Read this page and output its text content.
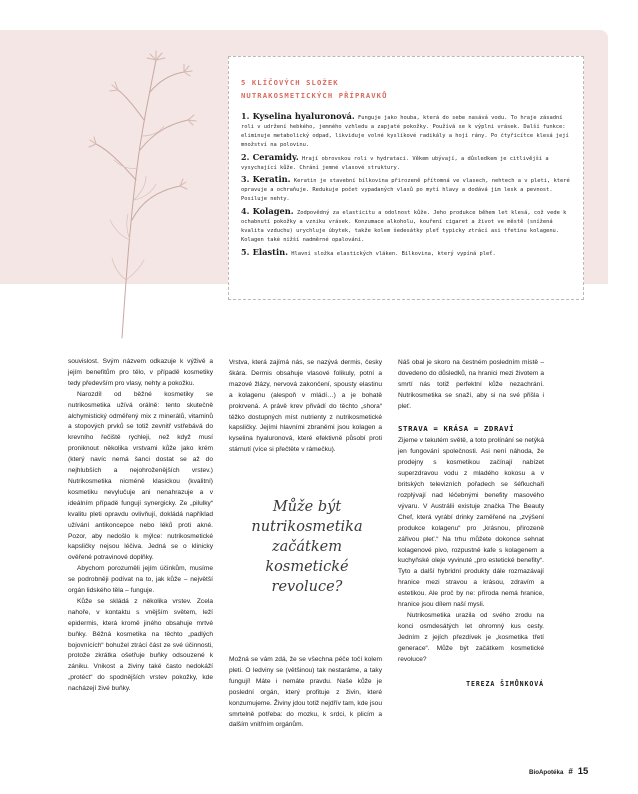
5 KLÍČOVÝCH SLOŽEK
NUTRAKOSMETICKÝCH PŘÍPRAVKŮ
1. Kyselina hyaluronová. Funguje jako houba, která do sebe nasává vodu. To hraje zásadní roli v udržení hebkého, jemného vzhledu a zapjaté pokožky. Používá se k výplni vrásek. Další funkce: eliminuje metabolický odpad, likviduje volné kyslíkové radikály a hojí rány. Po čtyřicítce klesá její množství na polovinu.
2. Ceramidy. Hrají obrovskou roli v hydrataci. Věkem ubývají, a důsledkem je citlivější a vysychající kůže. Chrání jemné vlasové struktury.
3. Keratin. Keratin je stavební bílkovina přirozeně přítomná ve vlasech, nehtech a v pleti, které opravuje a ochraňuje. Redukuje počet vypadaných vlasů po mytí hlavy a dodává jim lesk a pevnost. Posiluje nehty.
4. Kolagen. Zodpovědný za elasticitu a odolnost kůže. Jeho produkce během let klesá, což vede k ochabnutí pokožky a vzniku vrásek. Konzumace alkoholu, kouření cigaret a život ve městě (snížená kvalita vzduchu) urychluje úbytek, takže kolem šedesátky pleť typicky ztrácí asi třetinu kolagenu. Kolagen také nižší nadměrné opalování.
5. Elastin. Hlavní složka elastických vláken. Bílkovina, který vypíná pleť.

souvislost. Svým názvem odkazuje k výživě a jejím benefitům pro tělo, v případě kosmetiky tedy především pro vlasy, nehty a pokožku.

Narozdíl od běžné kosmetiky se nutrikosmetika užívá orálně: tento skutečně alchymistický odměřený mix z minerálů, vitaminů a stopových prvků se totiž zevnitř vstřebává do krevního řečiště rychleji, než když musí proniknout několika vrstvami kůže jako krém (který navíc nemá šanci dostat se až do nejhlubších a nejohroženějších vrstev.) Nutrikosmetika nicméně klasickou (kvalitní) kosmetiku nevylučuje ani nenahrazuje a v ideálním případě fungují synergicky. Ze „pilulky“ kvalitu pleti opravdu ovlivňují, dokládá například užívání antikoncepce nebo léků proti akné. Pozor, aby nedošlo k mýlce: nutrikosmetické kapsličky nejsou léčiva. Jedná se o klinicky ověřené potravinové doplňky.

Abychom porozuměli jejím účinkům, musíme se podrobněji podívat na to, jak kůže – největší orgán lidského těla – funguje.

Kůže se skládá z několika vrstev. Zcela nahoře, v kontaktu s vnějším světem, leží epidermis, která kromě jiného obsahuje mrtvé buňky. Běžná kosmetika na těchto „padlých bojovnících“ bohužel ztrácí část ze své účinnosti, protože zkrátka ošetřuje buňky odsouzené k zániku. Vnikost a živiny také často nedokáží „protéct“ do spodnějších vrstev pokožky, kde nacházejí živé buňky.

Vrstva, která zajímá nás, se nazývá dermis, česky škára. Dermis obsahuje vlasové folikuly, potní a mazové žlázy, nervová zakončení, spousty elastinu a kolagenu (alespoň v mládí…) a je bohatě prokrvená. A právě krev přivádí do těchto „shora“ těžko dostupných míst nutrienty z nutrikosmetické kapsličky. Jejími hlavními zbraněmi jsou kolagen a kyselina hyaluronová, které efektivně působí proti stárnutí (více si přečtěte v rámečku).

Může být nutrikosmetika začátkem kosmetické revoluce?

Možná se vám zdá, že se všechna péče točí kolem pleti. O ledviny se (většinou) tak nestaráme, a taky fungují! Máte i nemáte pravdu. Naše kůže je poslední orgán, který profituje z živin, které konzumujeme. Živiny jdou totiž nejdřív tam, kde jsou smrtelně potřeba: do mozku, k srdci, k plicím a dalším vnitřním orgánům.

Náš obal je skoro na čestném posledním místě – dovedeno do důsledků, na hranici mezi životem a smrtí nás totiž perfektní kůže nezachrání. Nutrikosmetika se snaží, aby si na své přišla i pleť.

STRAVA = KRÁSA = ZDRAVÍ

Zijeme v tekutém světě, a toto prolínání se netýká jen fungování společnosti. Asi není náhoda, že prodejny s kosmetikou začínají nabízet superzdravou vodu z mladého kokosu a v britských televizních pořadech se šéfkuchaři rozplývají nad léčebnými benefity masového vývaru. V Austrálii existuje značka The Beauty Chef, která vyrábí drinky zaměřené na „zvýšení produkce kolagenu“ pro „krásnou, přirozeně zářivou pleť.“ Na trhu můžete dokonce sehnat kolagenové pivo, rozpustné kafe s kolagenem a kuchyňské oleje vyvinuté „pro estetické benefity“. Tyto a další hybridní produkty dále rozmazávají hranice mezi stravou a krásou, zdravím a estetikou. Ale proč by ne: příroda nemá hranice, hranice jsou dílem naší mysli.

Nutrikosmetika urazila od svého zrodu na konci osmdesátých let ohromný kus cesty. Jedním z jejích přezdívek je „kosmetika třetí generace“. Může být začátkem kosmetické revoluce?

TEREZA ŠIMŮNKOVÁ
BioApotéka # 15
